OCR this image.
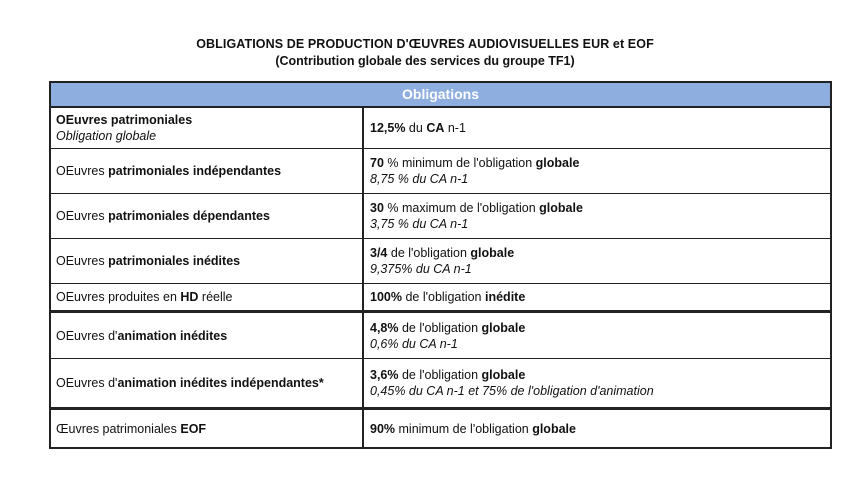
OBLIGATIONS DE PRODUCTION D'ŒUVRES AUDIOVISUELLES EUR et EOF
(Contribution globale des services du groupe TF1)
Obligations
OEuvres patrimoniales
Obligation globale
12,5% du CA n-1
OEuvres patrimoniales indépendantes
70 % minimum de l'obligation globale
8,75 % du CA n-1
OEuvres patrimoniales dépendantes
30 % maximum de l'obligation globale
3,75 % du CA n-1
OEuvres patrimoniales inédites
3/4 de l'obligation globale
9,375% du CA n-1
OEuvres produites en HD réelle	100% de l'obligation inédite
OEuvres d'animation inédites
4,8% de l'obligation globale
0,6% du CA n-1
OEuvres d'animation inédites indépendantes*
3,6% de l'obligation globale
0,45% du CA n-1 et 75% de l'obligation d'animation
Œuvres patrimoniales EOF	90% minimum de l'obligation globale
